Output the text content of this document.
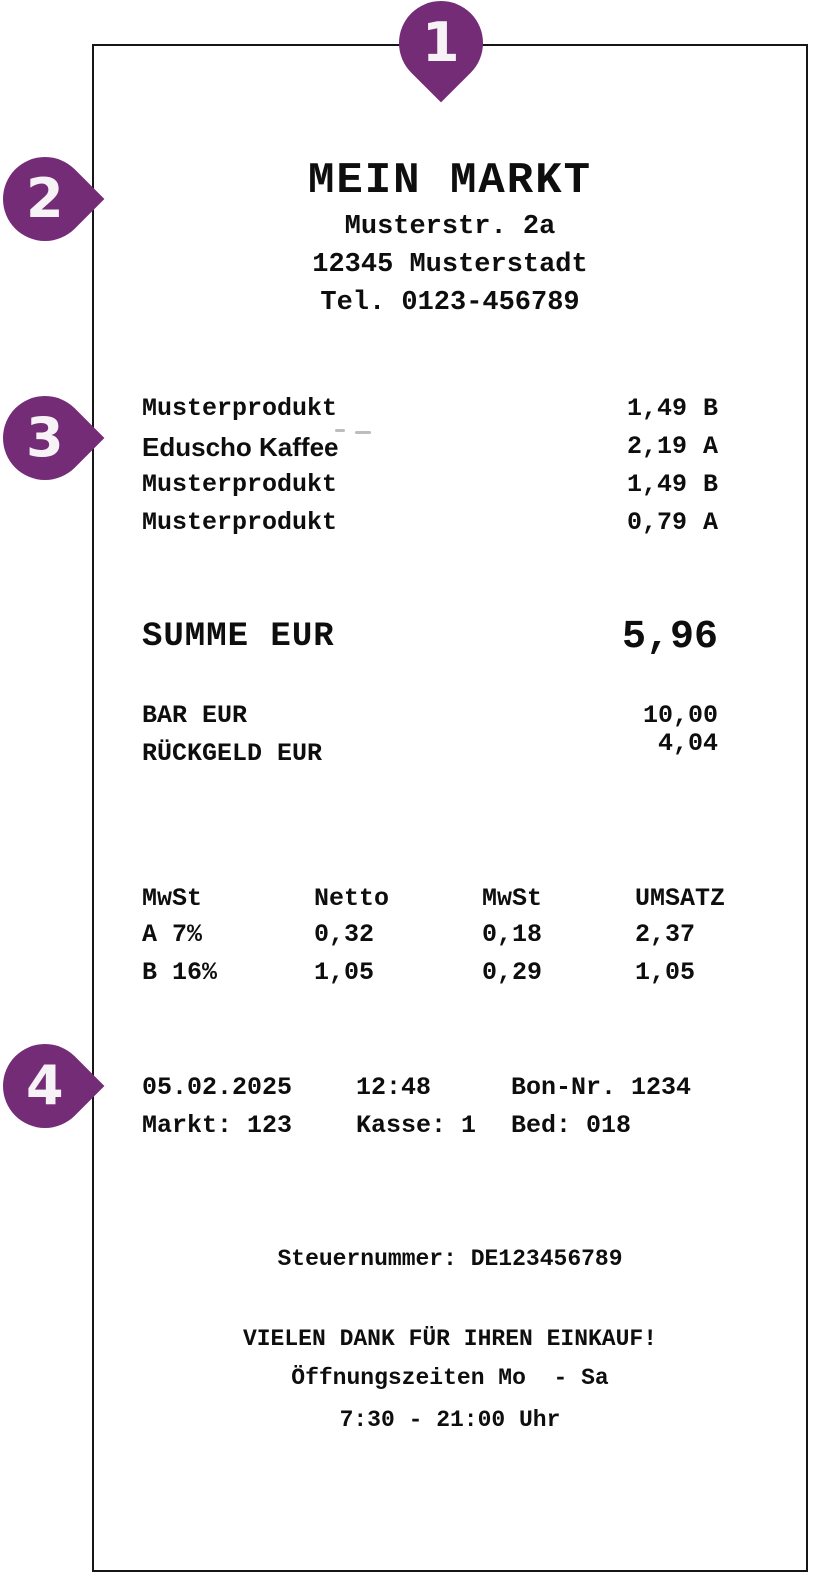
MEIN MARKT
Musterstr. 2a
12345 Musterstadt
Tel. 0123-456789
Musterprodukt	1,49 B
Eduscho Kaffee	2,19 A
Musterprodukt	1,49 B
Musterprodukt	0,79 A
SUMME EUR	5,96
BAR EUR	10,00
RÜCKGELD EUR	4,04
MwSt	Netto	MwSt	UMSATZ
A 7%	0,32	0,18	2,37
B 16%	1,05	0,29	1,05
05.02.2025	12:48	Bon-Nr. 1234
Markt: 123	Kasse: 1 Bed: 018
Steuernummer: DE123456789
VIELEN DANK FÜR IHREN EINKAUF!
Öffnungszeiten Mo  - Sa
7:30 - 21:00 Uhr
1
2
3
4
